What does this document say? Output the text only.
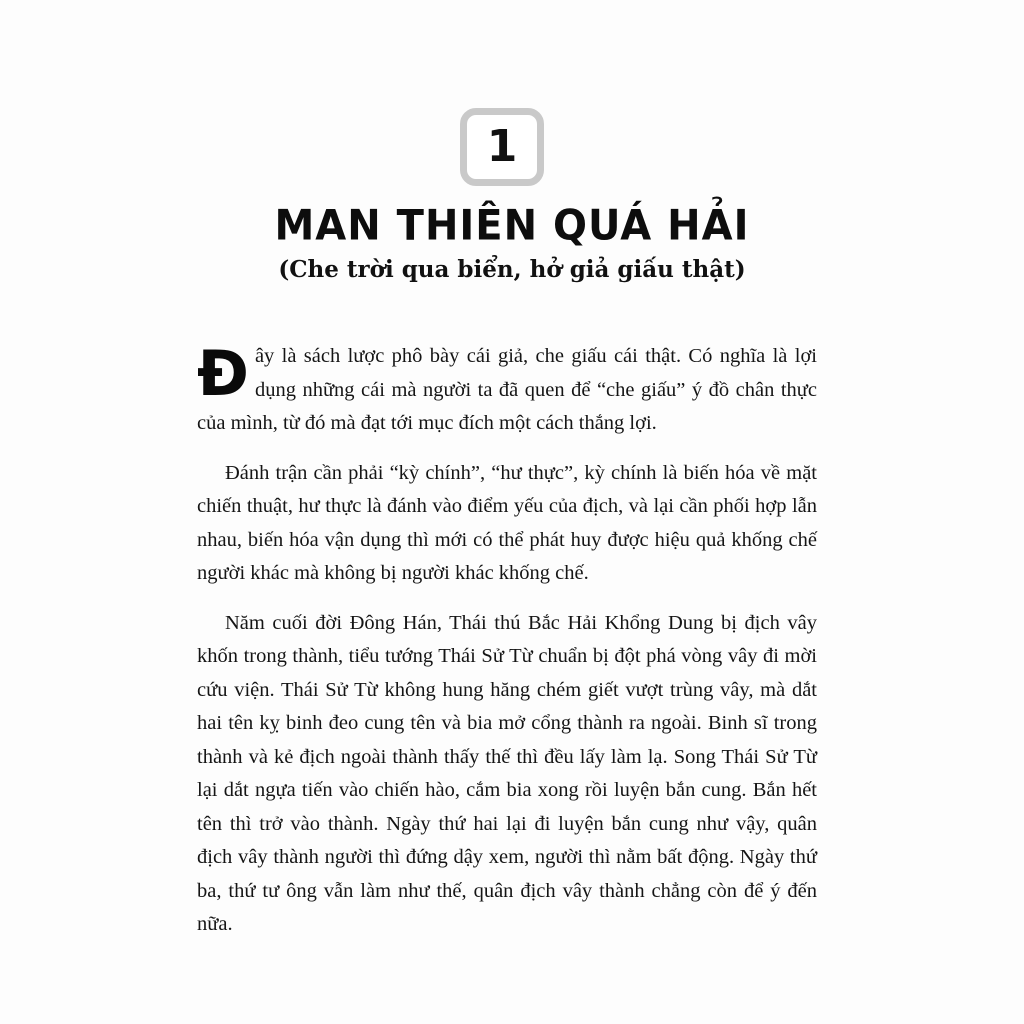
1
MAN THIÊN QUÁ HẢI
(Che trời qua biển, hở giả giấu thật)

Đây là sách lược phô bày cái giả, che giấu cái thật. Có nghĩa là lợi dụng những cái mà người ta đã quen để “che giấu” ý đồ chân thực của mình, từ đó mà đạt tới mục đích một cách thắng lợi.

Đánh trận cần phải “kỳ chính”, “hư thực”, kỳ chính là biến hóa về mặt chiến thuật, hư thực là đánh vào điểm yếu của địch, và lại cần phối hợp lẫn nhau, biến hóa vận dụng thì mới có thể phát huy được hiệu quả khống chế người khác mà không bị người khác khống chế.

Năm cuối đời Đông Hán, Thái thú Bắc Hải Khổng Dung bị địch vây khốn trong thành, tiểu tướng Thái Sử Từ chuẩn bị đột phá vòng vây đi mời cứu viện. Thái Sử Từ không hung hăng chém giết vượt trùng vây, mà dắt hai tên kỵ binh đeo cung tên và bia mở cổng thành ra ngoài. Binh sĩ trong thành và kẻ địch ngoài thành thấy thế thì đều lấy làm lạ. Song Thái Sử Từ lại dắt ngựa tiến vào chiến hào, cắm bia xong rồi luyện bắn cung. Bắn hết tên thì trở vào thành. Ngày thứ hai lại đi luyện bắn cung như vậy, quân địch vây thành người thì đứng dậy xem, người thì nằm bất động. Ngày thứ ba, thứ tư ông vẫn làm như thế, quân địch vây thành chẳng còn để ý đến nữa.
